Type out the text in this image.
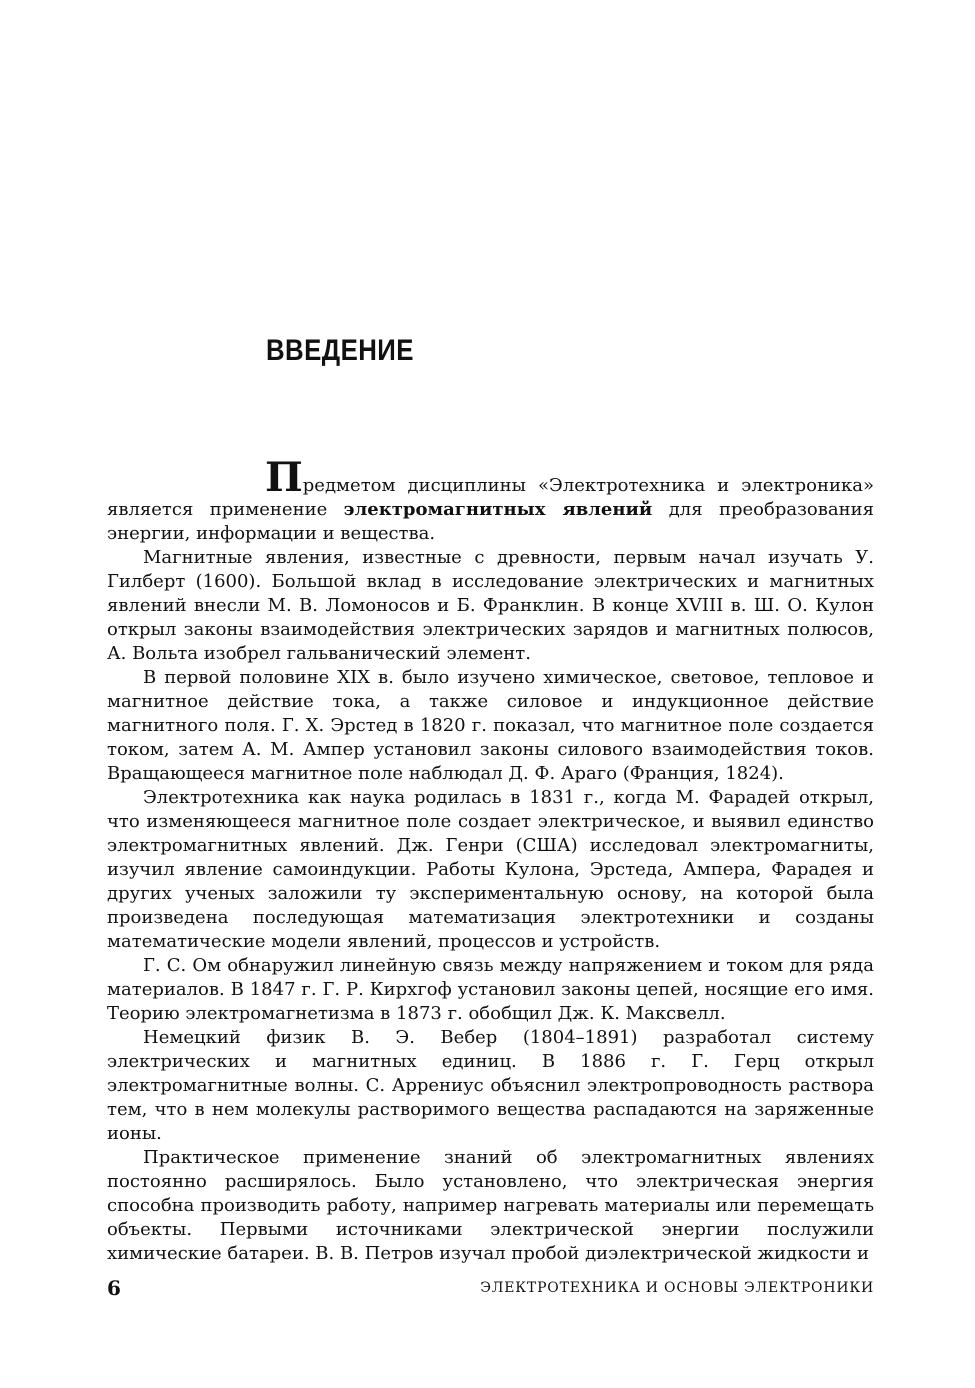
ВВЕДЕНИЕ

Предметом дисциплины «Электротехника и электроника» является применение электромагнитных явлений для преобразования энергии, информации и вещества.

Магнитные явления, известные с древности, первым начал изучать У. Гилберт (1600). Большой вклад в исследование электрических и магнитных явлений внесли М. В. Ломоносов и Б. Франклин. В конце XVIII в. Ш. О. Кулон открыл законы взаимодействия электрических зарядов и магнитных полюсов, А. Вольта изобрел гальванический элемент.

В первой половине XIX в. было изучено химическое, световое, тепловое и магнитное действие тока, а также силовое и индукционное действие магнитного поля. Г. Х. Эрстед в 1820 г. показал, что магнитное поле создается током, затем А. М. Ампер установил законы силового взаимодействия токов. Вращающееся магнитное поле наблюдал Д. Ф. Араго (Франция, 1824).

Электротехника как наука родилась в 1831 г., когда М. Фарадей открыл, что изменяющееся магнитное поле создает электрическое, и выявил единство электромагнитных явлений. Дж. Генри (США) исследовал электромагниты, изучил явление самоиндукции. Работы Кулона, Эрстеда, Ампера, Фарадея и других ученых заложили ту экспериментальную основу, на которой была произведена последующая математизация электротехники и созданы математические модели явлений, процессов и устройств.

Г. С. Ом обнаружил линейную связь между напряжением и током для ряда материалов. В 1847 г. Г. Р. Кирхгоф установил законы цепей, носящие его имя. Теорию электромагнетизма в 1873 г. обобщил Дж. К. Максвелл.

Немецкий физик В. Э. Вебер (1804–1891) разработал систему электрических и магнитных единиц. В 1886 г. Г. Герц открыл электромагнитные волны. С. Аррениус объяснил электропроводность раствора тем, что в нем молекулы растворимого вещества распадаются на заряженные ионы.

Практическое применение знаний об электромагнитных явлениях постоянно расширялось. Было установлено, что электрическая энергия способна производить работу, например нагревать материалы или перемещать объекты. Первыми источниками электрической энергии послужили химические батареи. В. В. Петров изучал пробой диэлектрической жидкости и

6	ЭЛЕКТРОТЕХНИКА И ОСНОВЫ ЭЛЕКТРОНИКИ
